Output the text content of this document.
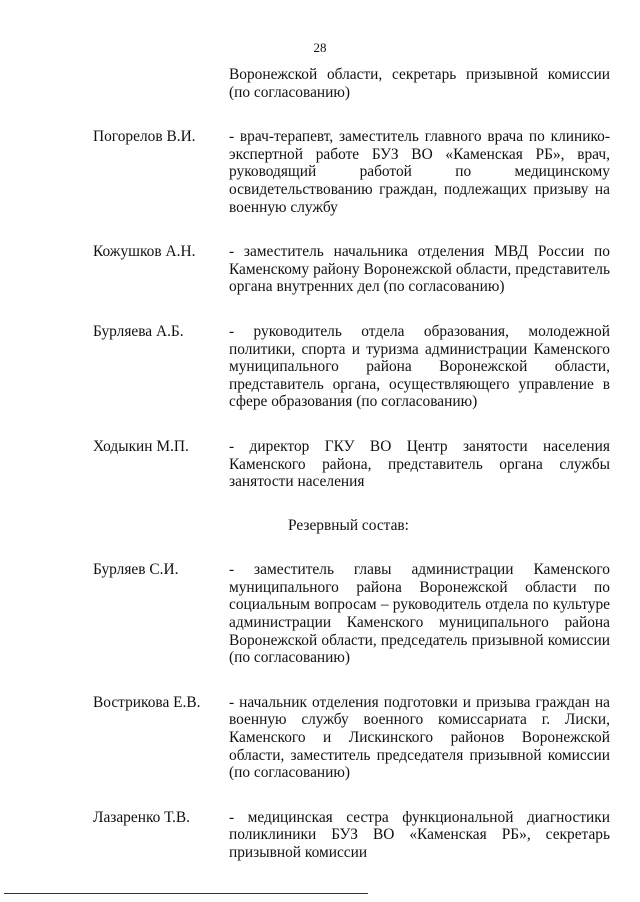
28
Воронежской области, секретарь призывной комиссии (по согласованию)
Погорелов В.И. - врач-терапевт, заместитель главного врача по клинико-экспертной работе БУЗ ВО «Каменская РБ», врач, руководящий работой по медицинскому освидетельствованию граждан, подлежащих призыву на военную службу
Кожушков А.Н. - заместитель начальника отделения МВД России по Каменскому району Воронежской области, представитель органа внутренних дел (по согласованию)
Бурляева А.Б.	- руководитель отдела образования, молодежной политики, спорта и туризма администрации Каменского муниципального района Воронежской области, представитель органа, осуществляющего управление в сфере образования (по согласованию)
Ходыкин М.П.	- директор ГКУ ВО Центр занятости населения Каменского района, представитель органа службы занятости населения
Резервный состав:
Бурляев С.И.	- заместитель главы администрации Каменского муниципального района Воронежской области по социальным вопросам – руководитель отдела по культуре администрации Каменского муниципального района Воронежской области, председатель призывной комиссии (по согласованию)
Вострикова Е.В. - начальник отделения подготовки и призыва граждан на военную службу военного комиссариата г. Лиски, Каменского и Лискинского районов Воронежской области, заместитель председателя призывной комиссии (по согласованию)
Лазаренко Т.В.	- медицинская сестра функциональной диагностики поликлиники БУЗ ВО «Каменская РБ», секретарь призывной комиссии
